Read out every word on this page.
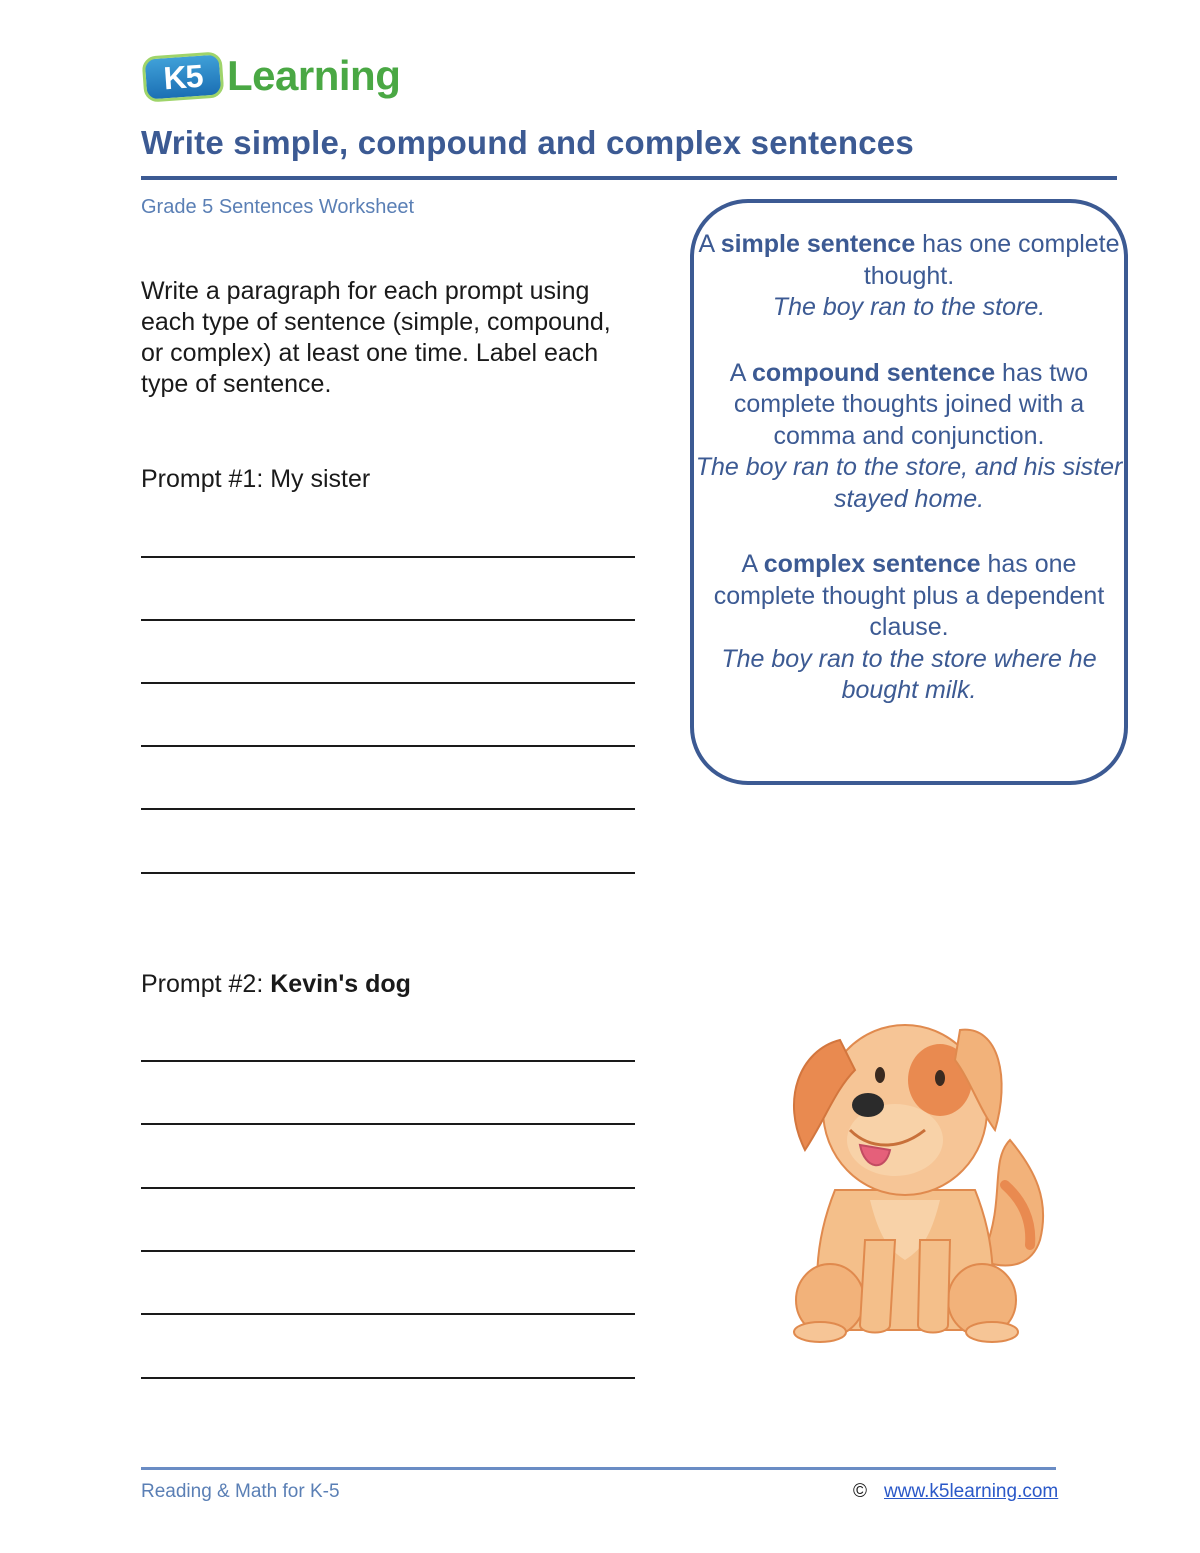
K5 Learning
Write simple, compound and complex sentences
Grade 5 Sentences Worksheet
Write a paragraph for each prompt using each type of sentence (simple, compound, or complex) at least one time. Label each type of sentence.
Prompt #1: My sister
Prompt #2: Kevin's dog

A simple sentence has one complete thought.
The boy ran to the store.

A compound sentence has two complete thoughts joined with a comma and conjunction.
The boy ran to the store, and his sister stayed home.

A complex sentence has one complete thought plus a dependent clause.
The boy ran to the store where he bought milk.

Reading & Math for K-5	© www.k5learning.com
